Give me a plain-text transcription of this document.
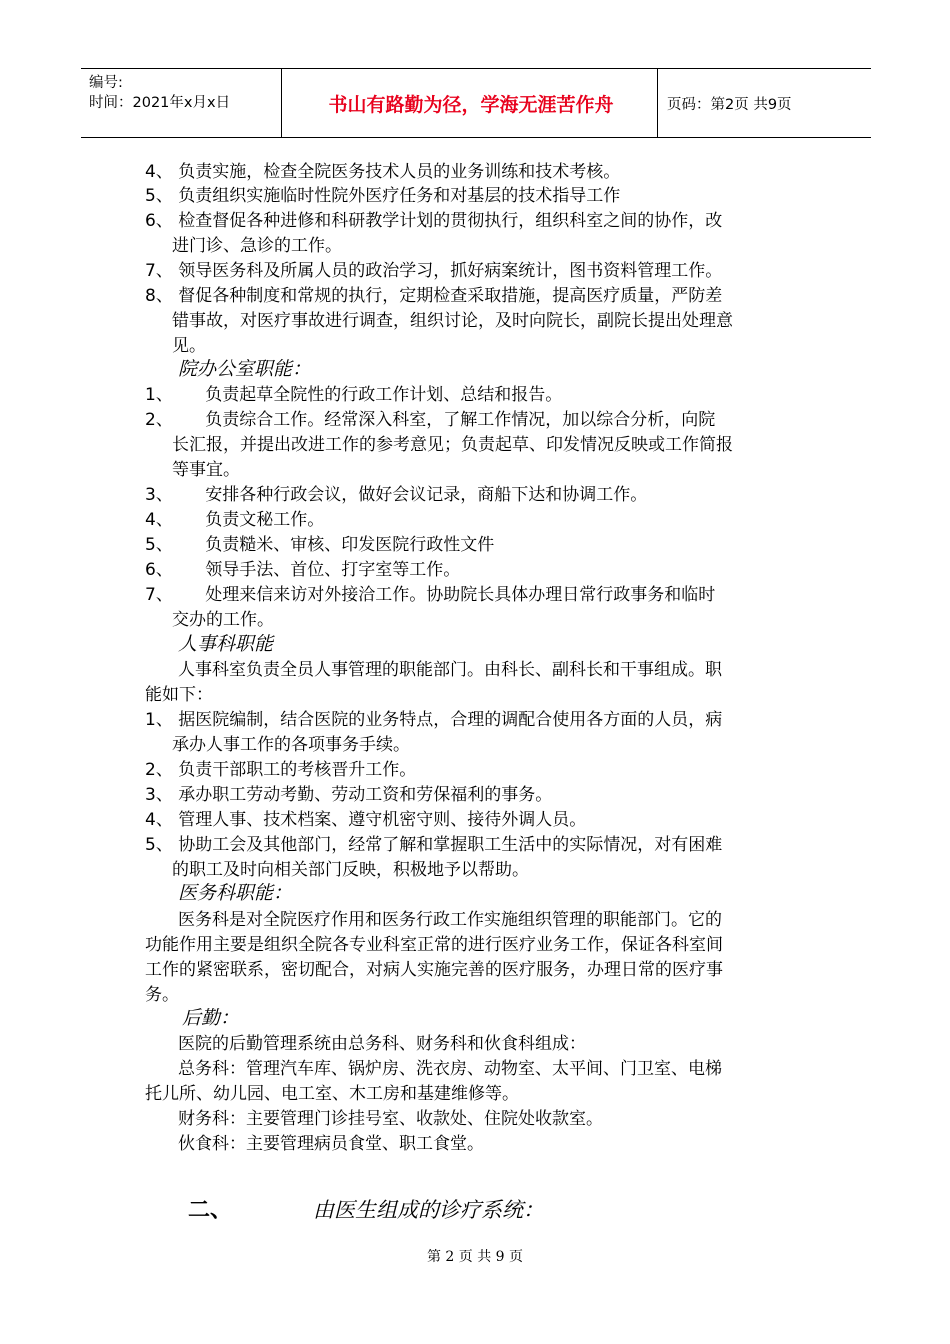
编号:
时间：2021年x月x日	书山有路勤为径，学海无涯苦作舟	页码：第2页 共9页
4、 负责实施，检查全院医务技术人员的业务训练和技术考核。
5、 负责组织实施临时性院外医疗任务和对基层的技术指导工作
6、 检查督促各种进修和科研教学计划的贯彻执行，组织科室之间的协作，改
进门诊、急诊的工作。
7、 领导医务科及所属人员的政治学习，抓好病案统计，图书资料管理工作。
8、 督促各种制度和常规的执行，定期检查采取措施，提高医疗质量，严防差
错事故，对医疗事故进行调查，组织讨论，及时向院长，副院长提出处理意
见。
1、      负责起草全院性的行政工作计划、总结和报告。
2、      负责综合工作。经常深入科室，了解工作情况，加以综合分析，向院
长汇报，并提出改进工作的参考意见；负责起草、印发情况反映或工作简报
等事宜。
3、      安排各种行政会议，做好会议记录，商船下达和协调工作。
4、      负责文秘工作。
5、      负责糙米、审核、印发医院行政性文件
6、      领导手法、首位、打字室等工作。
7、      处理来信来访对外接洽工作。协助院长具体办理日常行政事务和临时
交办的工作。
人事科室负责全员人事管理的职能部门。由科长、副科长和干事组成。职
能如下：
1、 据医院编制，结合医院的业务特点，合理的调配合使用各方面的人员，病
承办人事工作的各项事务手续。
2、 负责干部职工的考核晋升工作。
3、 承办职工劳动考勤、劳动工资和劳保福利的事务。
4、 管理人事、技术档案、遵守机密守则、接待外调人员。
5、 协助工会及其他部门，经常了解和掌握职工生活中的实际情况，对有困难
的职工及时向相关部门反映，积极地予以帮助。
医务科是对全院医疗作用和医务行政工作实施组织管理的职能部门。它的
功能作用主要是组织全院各专业科室正常的进行医疗业务工作，保证各科室间
工作的紧密联系，密切配合，对病人实施完善的医疗服务，办理日常的医疗事
务。
医院的后勤管理系统由总务科、财务科和伙食科组成：
总务科：管理汽车库、锅炉房、洗衣房、动物室、太平间、门卫室、电梯
托儿所、幼儿园、电工室、木工房和基建维修等。
财务科：主要管理门诊挂号室、收款处、住院处收款室。
伙食科：主要管理病员食堂、职工食堂。
院办公室职能：
人事科职能
医务科职能：
后勤：
二、	由医生组成的诊疗系统：
第 2 页 共 9 页
